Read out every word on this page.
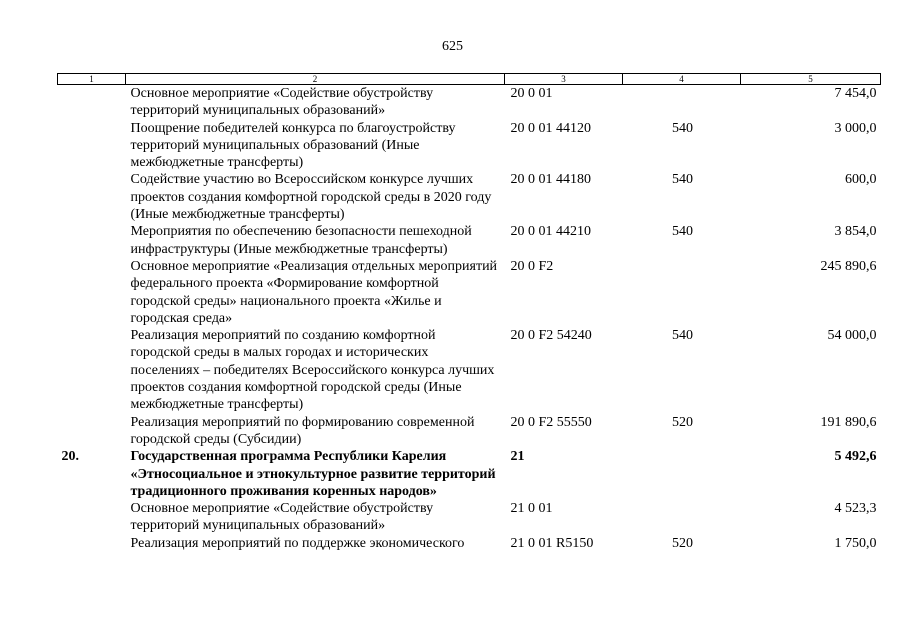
625
1	2	3	4	5
	Основное мероприятие «Содействие обустройству территорий муниципальных образований»	20 0 01		7 454,0
	Поощрение победителей конкурса по благоустройству территорий муниципальных образований (Иные межбюджетные трансферты)	20 0 01 44120	540	3 000,0
	Содействие участию во Всероссийском конкурсе лучших проектов создания комфортной городской среды в 2020 году (Иные межбюджетные трансферты)	20 0 01 44180	540	600,0
	Мероприятия по обеспечению безопасности пешеходной инфраструктуры (Иные межбюджетные трансферты)	20 0 01 44210	540	3 854,0
	Основное мероприятие «Реализация отдельных мероприятий федерального проекта «Формирование комфортной городской среды» национального проекта «Жилье и городская среда»	20 0 F2		245 890,6
	Реализация мероприятий по созданию комфортной городской среды в малых городах и исторических поселениях – победителях Всероссийского конкурса лучших проектов создания комфортной городской среды (Иные межбюджетные трансферты)	20 0 F2 54240	540	54 000,0
	Реализация мероприятий по формированию современной городской среды (Субсидии)	20 0 F2 55550	520	191 890,6
20.	Государственная программа Республики Карелия «Этносоциальное и этнокультурное развитие территорий традиционного проживания коренных народов»	21		5 492,6
	Основное мероприятие «Содействие обустройству территорий муниципальных образований»	21 0 01		4 523,3
	Реализация мероприятий по поддержке экономического	21 0 01 R5150	520	1 750,0
